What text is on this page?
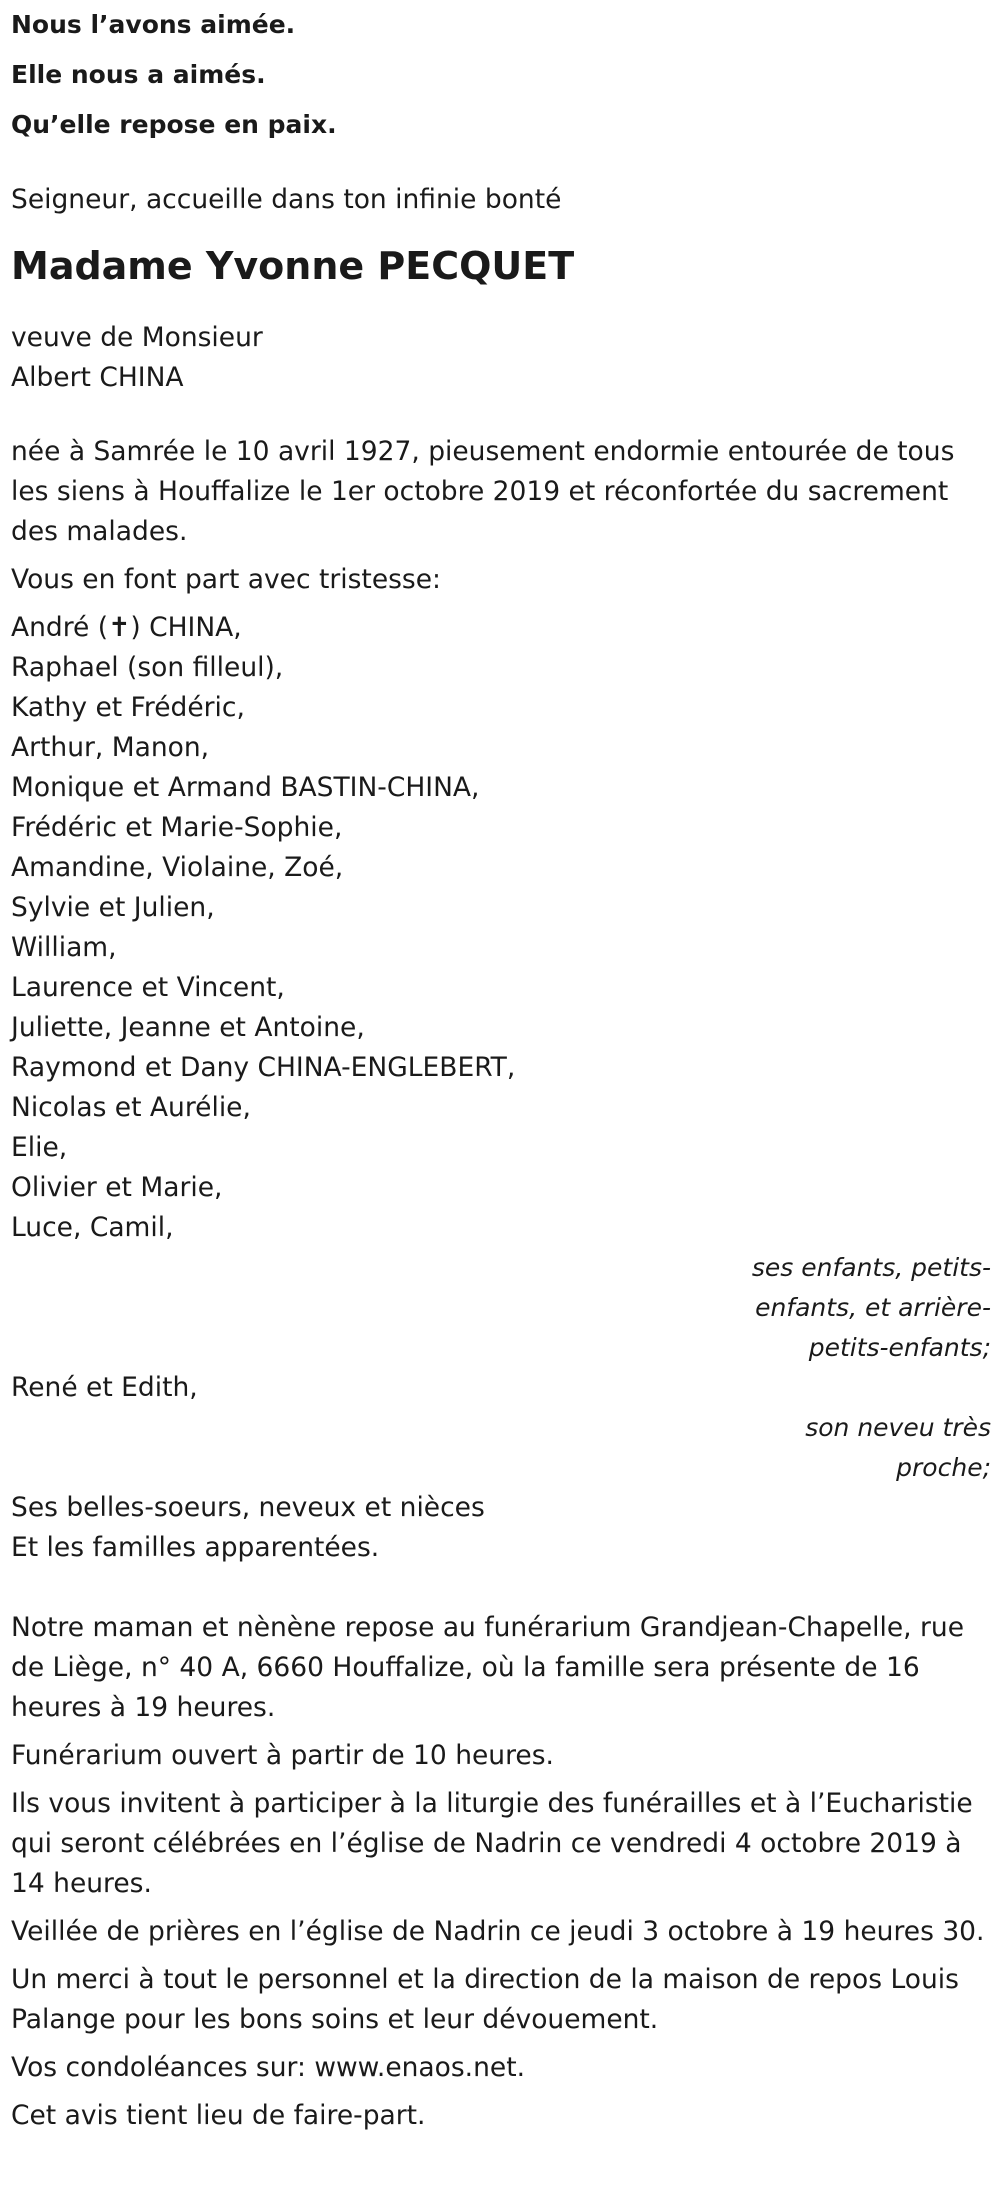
Nous l’avons aimée.

Elle nous a aimés.

Qu’elle repose en paix.

Seigneur, accueille dans ton infinie bonté

Madame Yvonne PECQUET

veuve de Monsieur

Albert CHINA

née à Samrée le 10 avril 1927, pieusement endormie entourée de tous les siens à Houffalize le 1er octobre 2019 et réconfortée du sacrement des malades.

Vous en font part avec tristesse:

André (✝) CHINA,

Raphael (son filleul),

Kathy et Frédéric,

Arthur, Manon,

Monique et Armand BASTIN-CHINA,

Frédéric et Marie-Sophie,

Amandine, Violaine, Zoé,

Sylvie et Julien,

William,

Laurence et Vincent,

Juliette, Jeanne et Antoine,

Raymond et Dany CHINA-ENGLEBERT,

Nicolas et Aurélie,

Elie,

Olivier et Marie,

Luce, Camil,

ses enfants, petits-enfants, et arrière-petits-enfants;

René et Edith,

son neveu très proche;

Ses belles-soeurs, neveux et nièces

Et les familles apparentées.

Notre maman et nènène repose au funérarium Grandjean-Chapelle, rue de Liège, n° 40 A, 6660 Houffalize, où la famille sera présente de 16 heures à 19 heures.

Funérarium ouvert à partir de 10 heures.

Ils vous invitent à participer à la liturgie des funérailles et à l’Eucharistie qui seront célébrées en l’église de Nadrin ce vendredi 4 octobre 2019 à 14 heures.

Veillée de prières en l’église de Nadrin ce jeudi 3 octobre à 19 heures 30.

Un merci à tout le personnel et la direction de la maison de repos Louis Palange pour les bons soins et leur dévouement.

Vos condoléances sur: www.enaos.net.

Cet avis tient lieu de faire-part.
